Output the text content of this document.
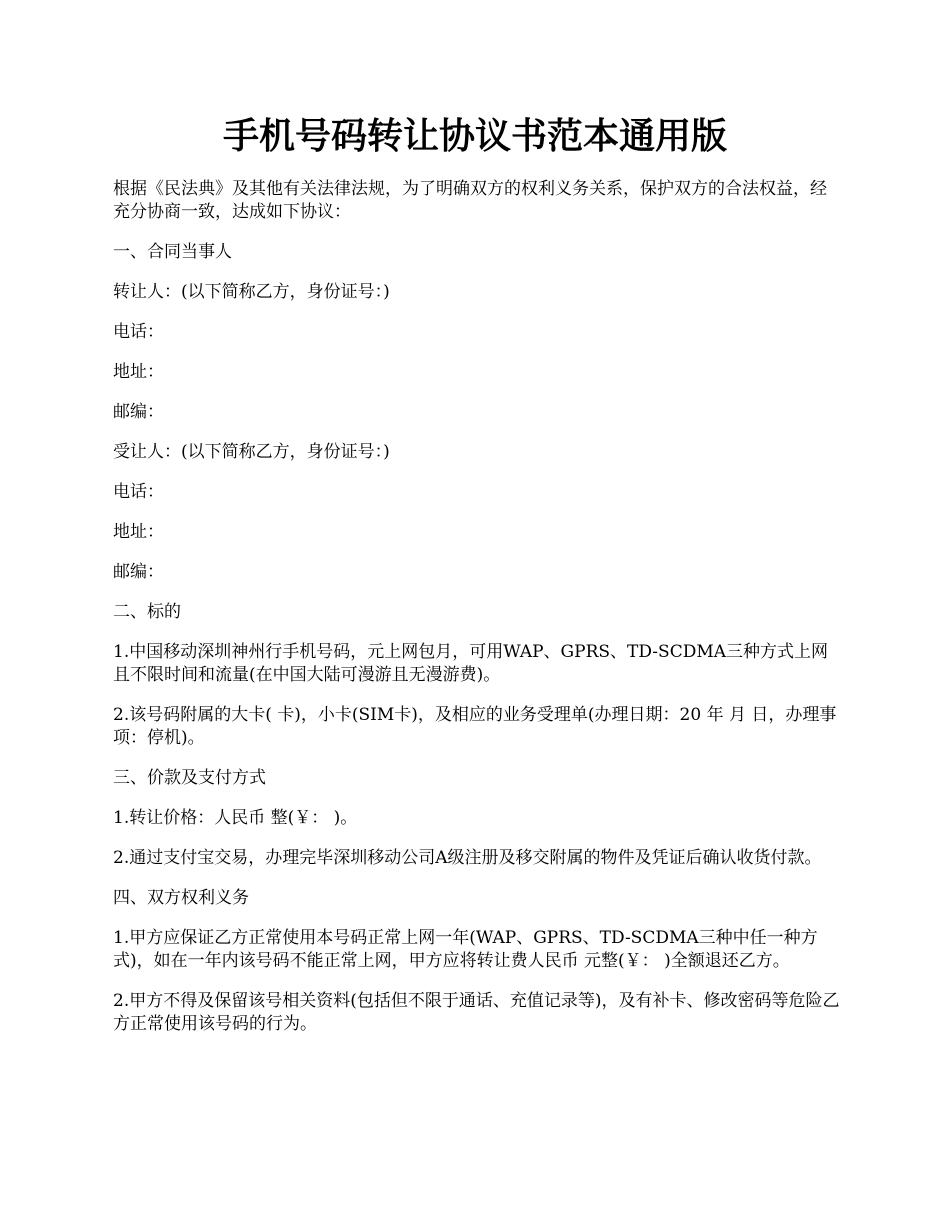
手机号码转让协议书范本通用版

根据《民法典》及其他有关法律法规，为了明确双方的权利义务关系，保护双方的合法权益，经充分协商一致，达成如下协议：

一、合同当事人

转让人：(以下简称乙方，身份证号：)

电话：

地址：

邮编：

受让人：(以下简称乙方，身份证号：)

电话：

地址：

邮编：

二、标的

1.中国移动深圳神州行手机号码，元上网包月，可用WAP、GPRS、TD-SCDMA三种方式上网且不限时间和流量(在中国大陆可漫游且无漫游费)。

2.该号码附属的大卡( 卡)，小卡(SIM卡)，及相应的业务受理单(办理日期：20 年 月 日，办理事项：停机)。

三、价款及支付方式

1.转让价格：人民币 整(￥： )。

2.通过支付宝交易，办理完毕深圳移动公司A级注册及移交附属的物件及凭证后确认收货付款。

四、双方权利义务

1.甲方应保证乙方正常使用本号码正常上网一年(WAP、GPRS、TD-SCDMA三种中任一种方式)，如在一年内该号码不能正常上网，甲方应将转让费人民币 元整(￥： )全额退还乙方。

2.甲方不得及保留该号相关资料(包括但不限于通话、充值记录等)，及有补卡、修改密码等危险乙方正常使用该号码的行为。
